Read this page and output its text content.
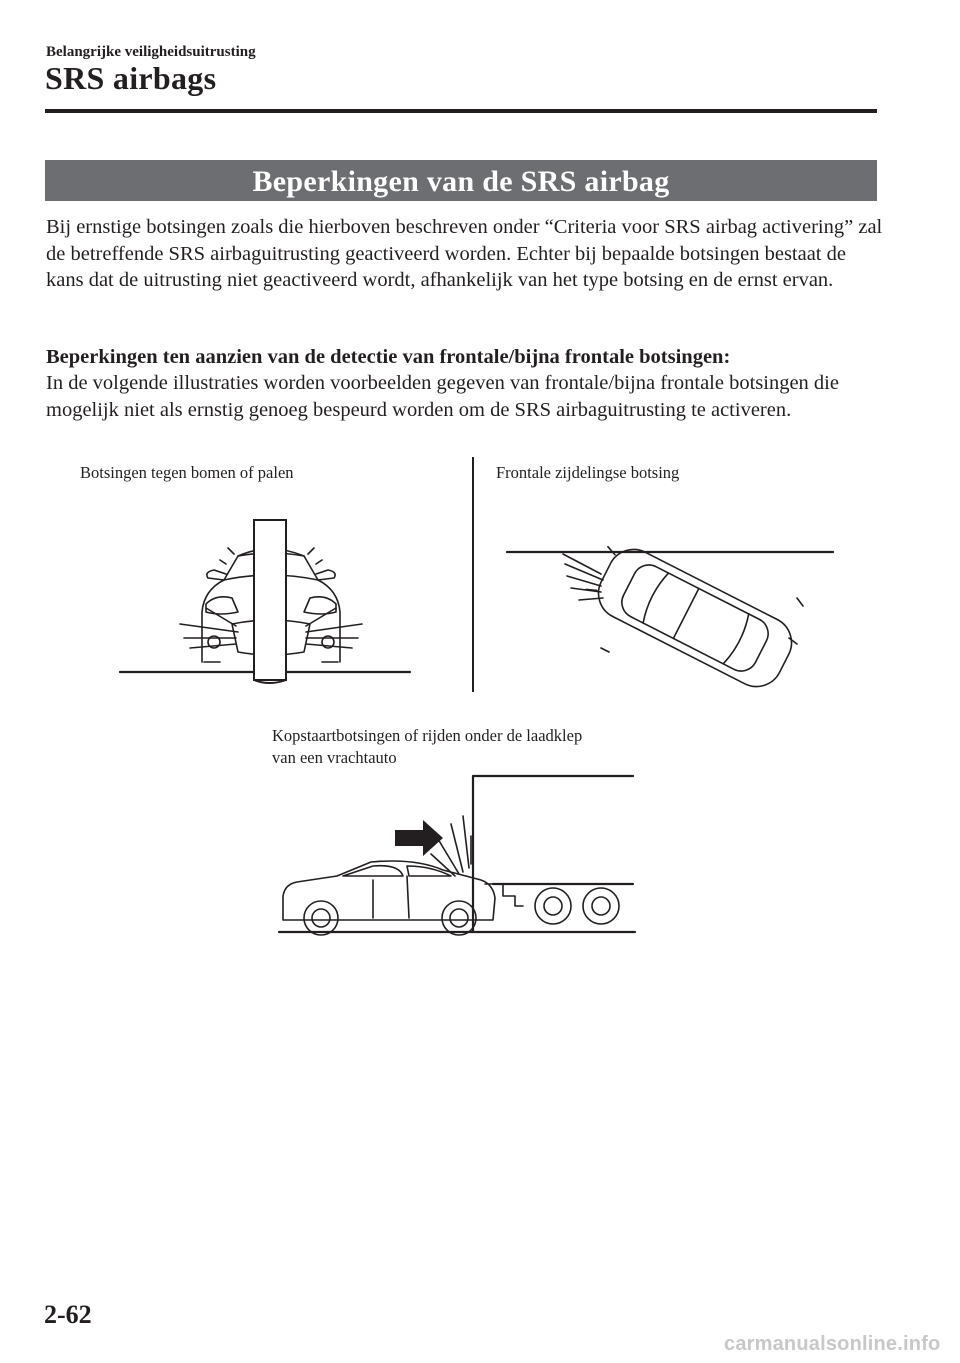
Belangrijke veiligheidsuitrusting
SRS airbags
Beperkingen van de SRS airbag
Bij ernstige botsingen zoals die hierboven beschreven onder “Criteria voor SRS airbag activering” zal de betreffende SRS airbaguitrusting geactiveerd worden. Echter bij bepaalde botsingen bestaat de kans dat de uitrusting niet geactiveerd wordt, afhankelijk van het type botsing en de ernst ervan.
Beperkingen ten aanzien van de detectie van frontale/bijna frontale botsingen:
In de volgende illustraties worden voorbeelden gegeven van frontale/bijna frontale botsingen die mogelijk niet als ernstig genoeg bespeurd worden om de SRS airbaguitrusting te activeren.
Botsingen tegen bomen of palen	Frontale zijdelingse botsing
Kopstaartbotsingen of rijden onder de laadklep
van een vrachtauto
2-62
carmanualsonline.info
